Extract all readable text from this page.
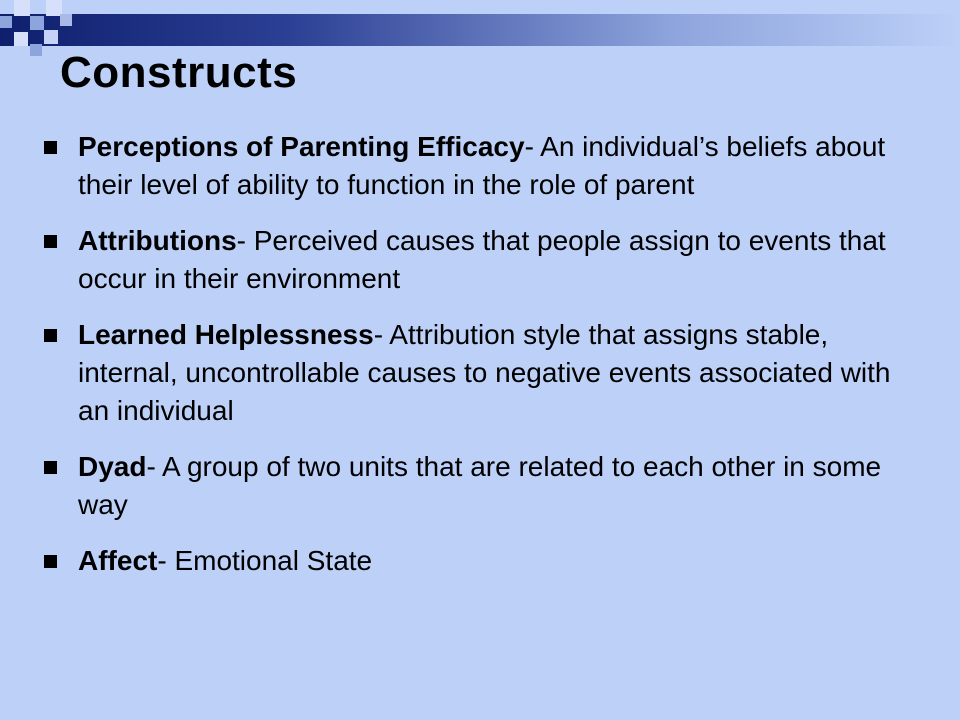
Constructs
Perceptions of Parenting Efficacy- An individual’s beliefs about their level of ability to function in the role of parent
Attributions- Perceived causes that people assign to events that occur in their environment
Learned Helplessness- Attribution style that assigns stable, internal, uncontrollable causes to negative events associated with an individual
Dyad- A group of two units that are related to each other in some way
Affect- Emotional State
